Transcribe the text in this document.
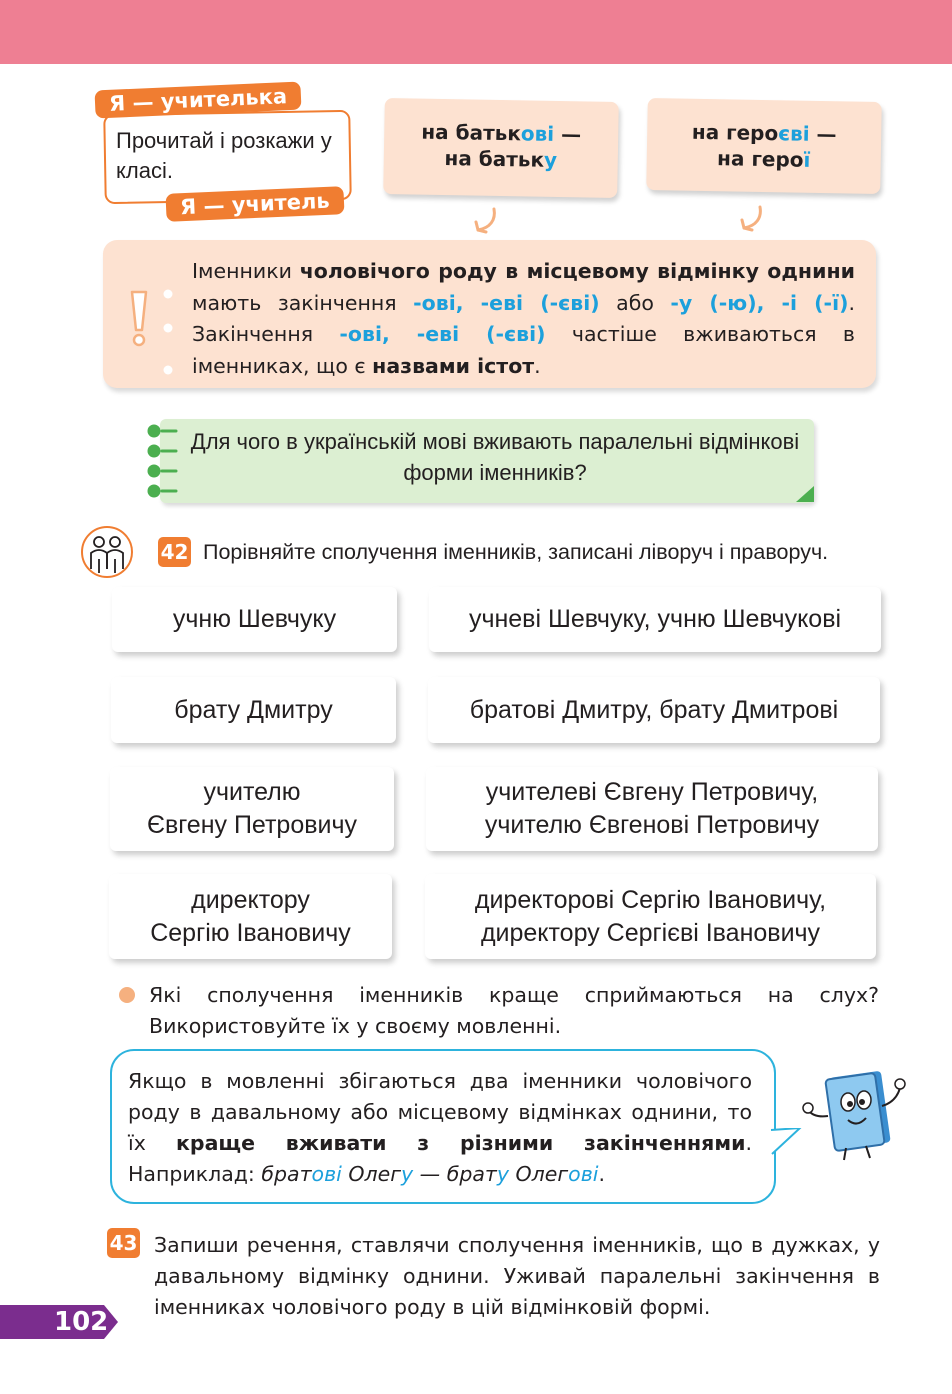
Я — учителька
Прочитай і розкажи у класі.
Я — учитель
на батькові —
на батьку
на героєві —
на герої
Іменники чоловічого роду в місцевому відмінку однини мають закінчення -ові, -еві (-єві) або -у (-ю), -і (-ї). Закінчення -ові, -еві (-єві) частіше вживаються в іменниках, що є назвами істот.
Для чого в українській мові вживають паралельні відмінкові форми іменників?
42 Порівняйте сполучення іменників, записані ліворуч і праворуч.
учню Шевчуку	учневі Шевчуку, учню Шевчукові
брату Дмитру	братові Дмитру, брату Дмитрові
учителю
Євгену Петровичу
учителеві Євгену Петровичу,
учителю Євгенові Петровичу
директору
Сергію Івановичу
директорові Сергію Івановичу,
директору Сергієві Івановичу
Які сполучення іменників краще сприймаються на слух? Використовуйте їх у своєму мовленні.
Якщо в мовленні збігаються два іменники чоловічого роду в давальному або місцевому відмінках однини, то їх краще вживати з різними закінченнями. Наприклад: братові Олегу — брату Олегові.
43 Запиши речення, ставлячи сполучення іменників, що в дужках, у давальному відмінку однини. Уживай паралельні закінчення в іменниках чоловічого роду в цій відмінковій формі.
102
